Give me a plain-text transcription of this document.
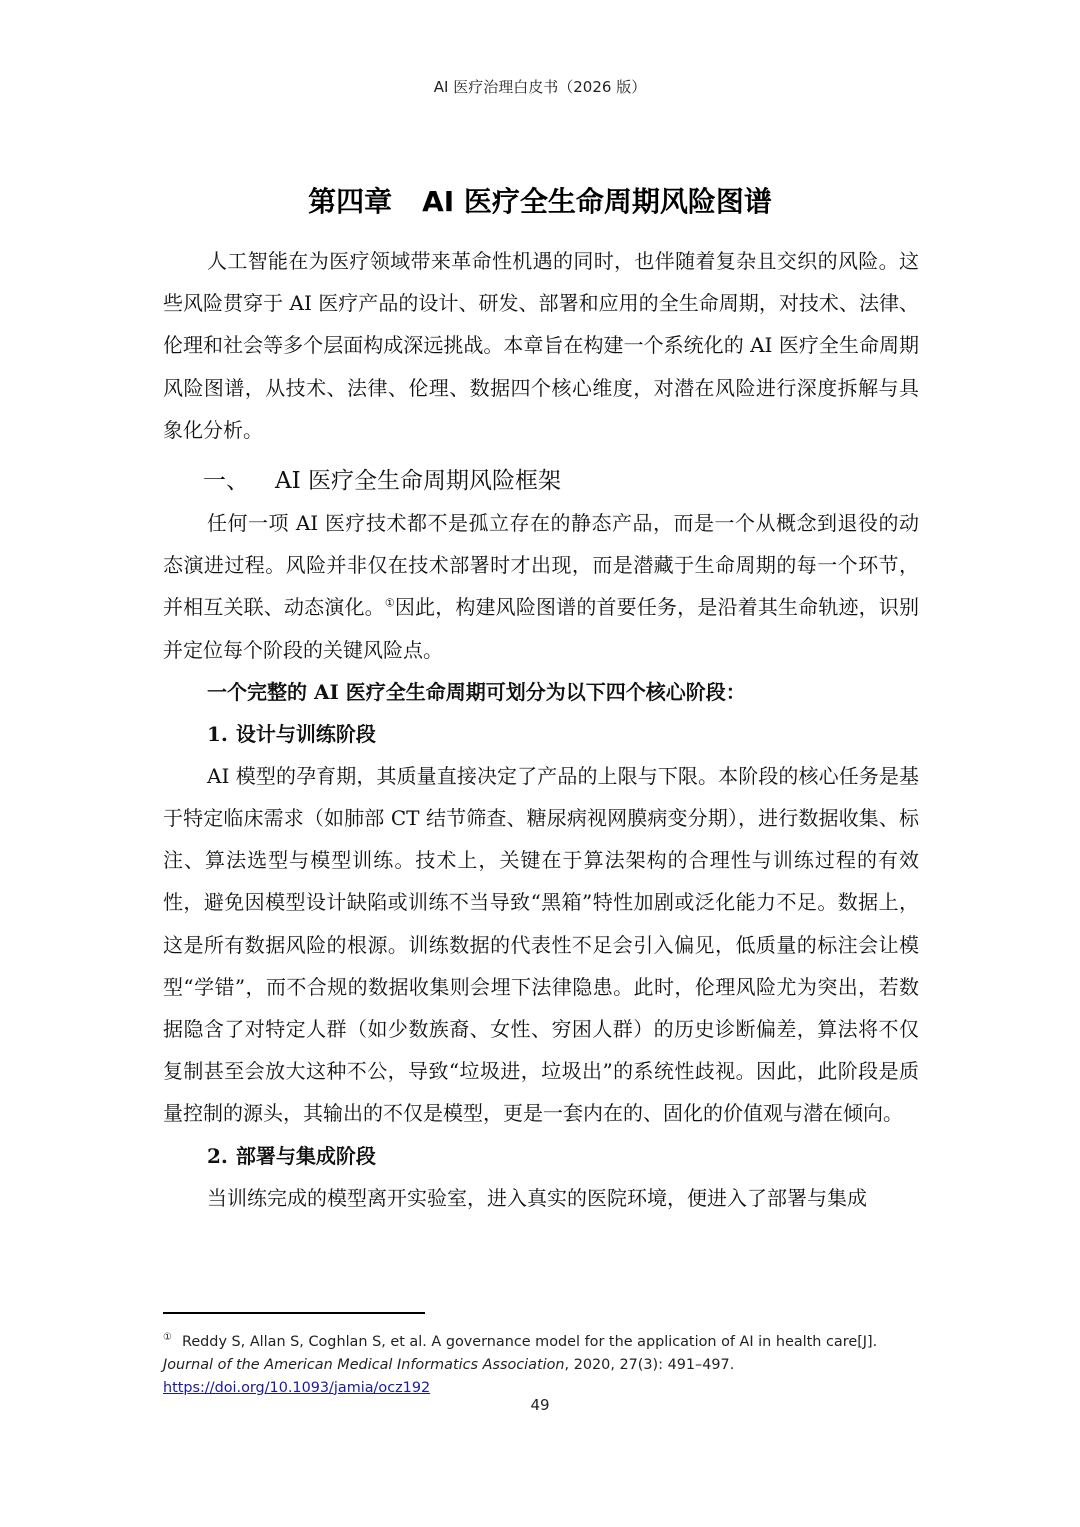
AI 医疗治理白皮书（2026 版）
第四章 AI 医疗全生命周期风险图谱

人工智能在为医疗领域带来革命性机遇的同时，也伴随着复杂且交织的风险。这些风险贯穿于 AI 医疗产品的设计、研发、部署和应用的全生命周期，对技术、法律、伦理和社会等多个层面构成深远挑战。本章旨在构建一个系统化的 AI 医疗全生命周期风险图谱，从技术、法律、伦理、数据四个核心维度，对潜在风险进行深度拆解与具象化分析。

一、 AI 医疗全生命周期风险框架

任何一项 AI 医疗技术都不是孤立存在的静态产品，而是一个从概念到退役的动态演进过程。风险并非仅在技术部署时才出现，而是潜藏于生命周期的每一个环节，并相互关联、动态演化。①因此，构建风险图谱的首要任务，是沿着其生命轨迹，识别并定位每个阶段的关键风险点。

一个完整的 AI 医疗全生命周期可划分为以下四个核心阶段：

1. 设计与训练阶段

AI 模型的孕育期，其质量直接决定了产品的上限与下限。本阶段的核心任务是基于特定临床需求（如肺部 CT 结节筛查、糖尿病视网膜病变分期），进行数据收集、标注、算法选型与模型训练。技术上，关键在于算法架构的合理性与训练过程的有效性，避免因模型设计缺陷或训练不当导致“黑箱”特性加剧或泛化能力不足。数据上，这是所有数据风险的根源。训练数据的代表性不足会引入偏见，低质量的标注会让模型“学错”，而不合规的数据收集则会埋下法律隐患。此时，伦理风险尤为突出，若数据隐含了对特定人群（如少数族裔、女性、穷困人群）的历史诊断偏差，算法将不仅复制甚至会放大这种不公，导致“垃圾进，垃圾出”的系统性歧视。因此，此阶段是质量控制的源头，其输出的不仅是模型，更是一套内在的、固化的价值观与潜在倾向。

2. 部署与集成阶段

当训练完成的模型离开实验室，进入真实的医院环境，便进入了部署与集成

① Reddy S, Allan S, Coghlan S, et al. A governance model for the application of AI in health care[J]. Journal of the American Medical Informatics Association, 2020, 27(3): 491–497.
https://doi.org/10.1093/jamia/ocz192
49
